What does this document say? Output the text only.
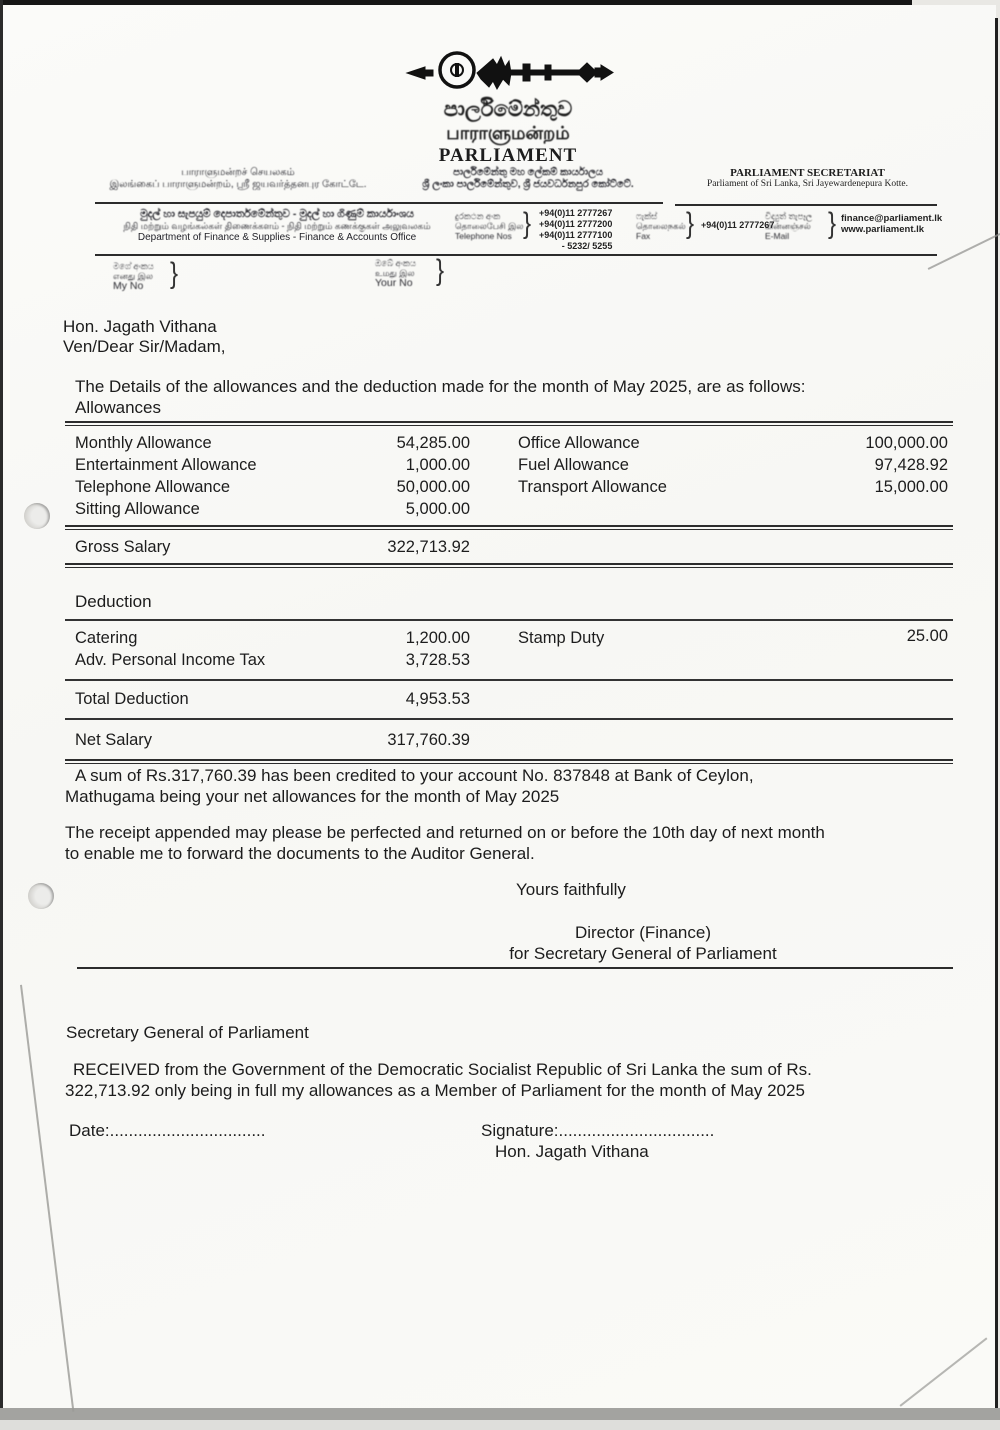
පාර්ලිමේන්තුව
பாராளுமன்றம்
PARLIAMENT
பாராளுமன்றச் செயலகம்
இலங்கைப் பாராளுமன்றம், ஸ்ரீ ஜயவர்த்தனபுர கோட்டே.
පාර්ලිමේන්තු මහ ලේකම් කාර්යාලය
ශ්‍රී ලංකා පාර්ලිමේන්තුව, ශ්‍රී ජයවර්ධනපුර කෝට්ටේ.
PARLIAMENT SECRETARIAT
Parliament of Sri Lanka, Sri Jayewardenepura Kotte.
මුදල් හා සැපයුම් දෙපාර්තමේන්තුව - මුදල් හා ගිණුම් කාර්යාංශය
நிதி மற்றும் வழங்கல்கள் திணைக்களம் - நிதி மற்றும் கணக்குகள் அலுவலகம்
Department of Finance & Supplies - Finance & Accounts Office
දුරකථන අංක
தொலைபேசி இல
Telephone Nos } +94(0)11 2777267
+94(0)11 2777200
+94(0)11 2777100
- 5232/ 5255
ෆැක්ස්
தொலைநகல்
Fax	} +94(0)11 2777267
විද්‍යුත් තැපෑල
மின்னஞ்சல்
E-Mail	} finance@parliament.lk
www.parliament.lk
මගේ අංකය
எனது இல
My No }	ඔබේ අංකය
உமது இல
Your No }
Hon. Jagath Vithana
Ven/Dear Sir/Madam,
The Details of the allowances and the deduction made for the month of May 2025, are as follows:
Allowances
Monthly Allowance	54,285.00	Office Allowance	100,000.00
Entertainment Allowance	1,000.00	Fuel Allowance	97,428.92
Telephone Allowance	50,000.00	Transport Allowance	15,000.00
Sitting Allowance	5,000.00
Gross Salary	322,713.92
Deduction
Catering	1,200.00	Stamp Duty	25.00
Adv. Personal Income Tax	3,728.53
Total Deduction	4,953.53
Net Salary	317,760.39
A sum of Rs.317,760.39 has been credited to your account No. 837848 at Bank of Ceylon,
Mathugama being your net allowances for the month of May 2025
The receipt appended may please be perfected and returned on or before the 10th day of next month
to enable me to forward the documents to the Auditor General.
Yours faithfully
Director (Finance)
for Secretary General of Parliament
Secretary General of Parliament
RECEIVED from the Government of the Democratic Socialist Republic of Sri Lanka the sum of Rs.
322,713.92 only being in full my allowances as a Member of Parliament for the month of May 2025
Date:.................................	Signature:.................................
Hon. Jagath Vithana
